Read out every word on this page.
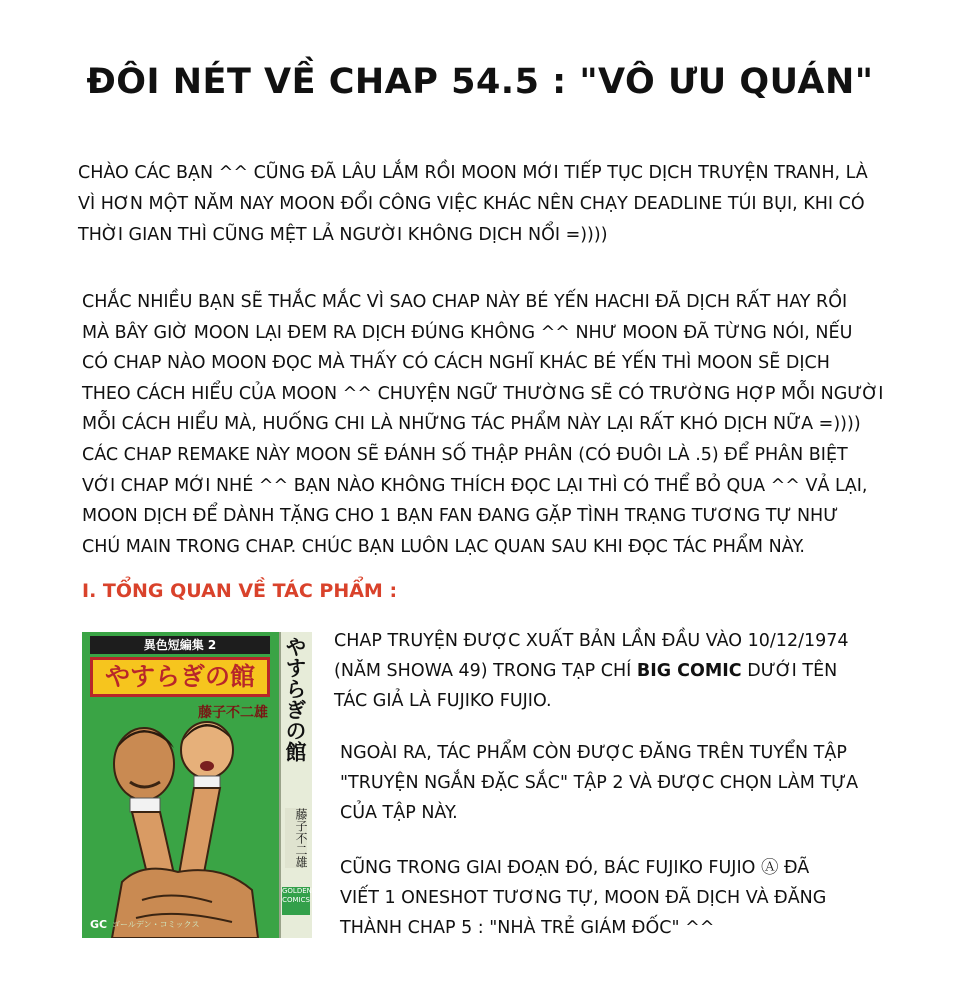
ĐÔI NÉT VỀ CHAP 54.5 : "VÔ ƯU QUÁN"

CHÀO CÁC BẠN ^^ CŨNG ĐÃ LÂU LẮM RỒI MOON MỚI TIẾP TỤC DỊCH TRUYỆN TRANH, LÀ
VÌ HƠN MỘT NĂM NAY MOON ĐỔI CÔNG VIỆC KHÁC NÊN CHẠY DEADLINE TÚI BỤI, KHI CÓ
THỜI GIAN THÌ CŨNG MỆT LẢ NGƯỜI KHÔNG DỊCH NỔI =))))

CHẮC NHIỀU BẠN SẼ THẮC MẮC VÌ SAO CHAP NÀY BÉ YẾN HACHI ĐÃ DỊCH RẤT HAY RỒI
MÀ BÂY GIỜ MOON LẠI ĐEM RA DỊCH ĐÚNG KHÔNG ^^ NHƯ MOON ĐÃ TỪNG NÓI, NẾU
CÓ CHAP NÀO MOON ĐỌC MÀ THẤY CÓ CÁCH NGHĨ KHÁC BÉ YẾN THÌ MOON SẼ DỊCH
THEO CÁCH HIỂU CỦA MOON ^^ CHUYỆN NGỮ THƯỜNG SẼ CÓ TRƯỜNG HỢP MỖI NGƯỜI
MỖI CÁCH HIỂU MÀ, HUỐNG CHI LÀ NHỮNG TÁC PHẨM NÀY LẠI RẤT KHÓ DỊCH NỮA =))))
CÁC CHAP REMAKE NÀY MOON SẼ ĐÁNH SỐ THẬP PHÂN (CÓ ĐUÔI LÀ .5) ĐỂ PHÂN BIỆT
VỚI CHAP MỚI NHÉ ^^ BẠN NÀO KHÔNG THÍCH ĐỌC LẠI THÌ CÓ THỂ BỎ QUA ^^ VẢ LẠI,
MOON DỊCH ĐỂ DÀNH TẶNG CHO 1 BẠN FAN ĐANG GẶP TÌNH TRẠNG TƯƠNG TỰ NHƯ
CHÚ MAIN TRONG CHAP. CHÚC BẠN LUÔN LẠC QUAN SAU KHI ĐỌC TÁC PHẨM NÀY.

I. TỔNG QUAN VỀ TÁC PHẨM :
異色短編集 2
やすらぎの館
藤子不二雄
GC ゴールデン・コミックス
やすらぎの館
藤子不二雄
GOLDEN COMICS

CHAP TRUYỆN ĐƯỢC XUẤT BẢN LẦN ĐẦU VÀO 10/12/1974
(NĂM SHOWA 49) TRONG TẠP CHÍ BIG COMIC DƯỚI TÊN
TÁC GIẢ LÀ FUJIKO FUJIO.

NGOÀI RA, TÁC PHẨM CÒN ĐƯỢC ĐĂNG TRÊN TUYỂN TẬP
"TRUYỆN NGẮN ĐẶC SẮC" TẬP 2 VÀ ĐƯỢC CHỌN LÀM TỰA
CỦA TẬP NÀY.

CŨNG TRONG GIAI ĐOẠN ĐÓ, BÁC FUJIKO FUJIO Ⓐ ĐÃ
VIẾT 1 ONESHOT TƯƠNG TỰ, MOON ĐÃ DỊCH VÀ ĐĂNG
THÀNH CHAP 5 : "NHÀ TRẺ GIÁM ĐỐC" ^^
